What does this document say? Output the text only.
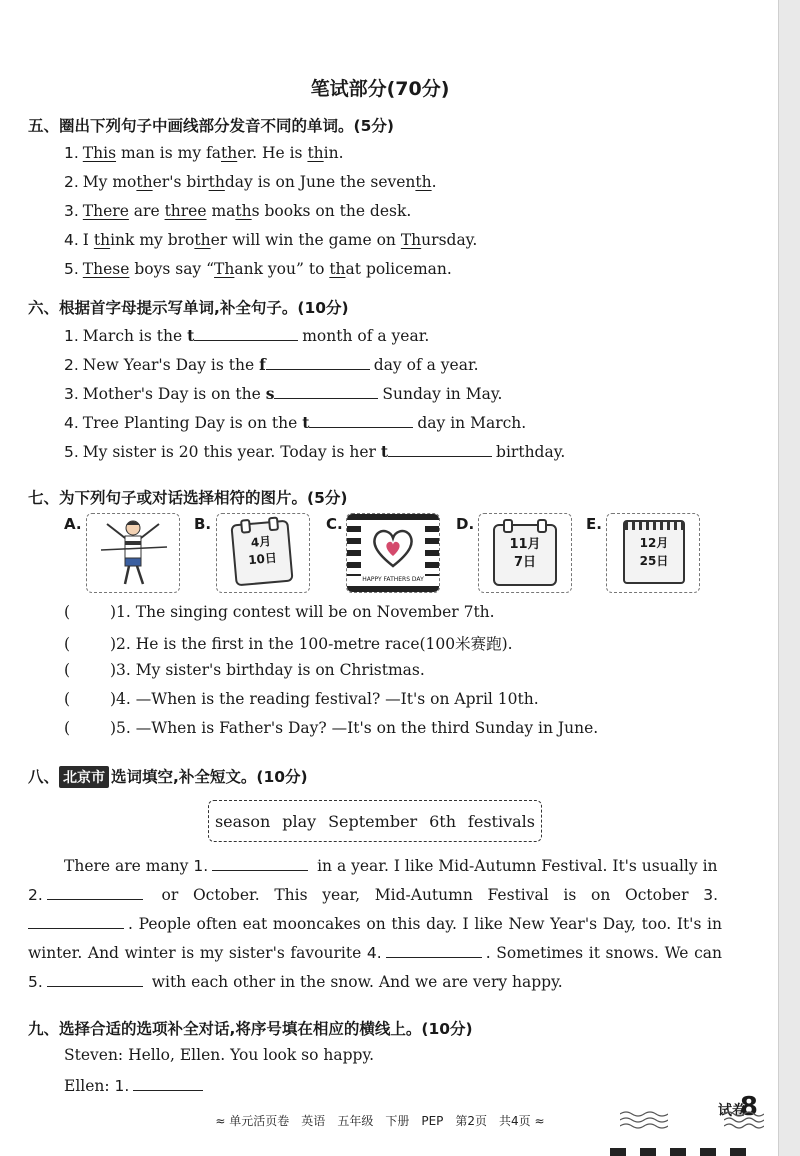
笔试部分(70分)
五、圈出下列句子中画线部分发音不同的单词。(5分)
1. This man is my father. He is thin.
2. My mother's birthday is on June the seventh.
3. There are three maths books on the desk.
4. I think my brother will win the game on Thursday.
5. These boys say “Thank you” to that policeman.
六、根据首字母提示写单词,补全句子。(10分)
1. March is the t	month of a year.
2. New Year's Day is the f	day of a year.
3. Mother's Day is on the s	Sunday in May.
4. Tree Planting Day is on the t	day in March.
5. My sister is 20 this year. Today is her t	birthday.
七、为下列句子或对话选择相符的图片。(5分)
A.	B.
4月
10日
C.
HAPPY FATHERS DAY
D.
11月
7日
E.
12月
25日
(	)1. The singing contest will be on November 7th.
(	)2. He is the first in the 100-metre race(100米赛跑).
(	)3. My sister's birthday is on Christmas.
(	)4. —When is the reading festival? —It's on April 10th.
(	)5. —When is Father's Day? —It's on the third Sunday in June.
八、 北京市 选词填空,补全短文。(10分)
season play September 6th festivals
There are many 1.	in a year. I like Mid-Autumn Festival. It's usually in
2.	or October. This year, Mid-Autumn Festival is on October 3.. People often eat mooncakes on this day. I like New Year's Day, too. It's in winter. And winter is my sister's favourite 4.	. Sometimes it snows. We can 5.	with each other in the snow. And we are very happy.
九、选择合适的选项补全对话,将序号填在相应的横线上。(10分)
Steven: Hello, Ellen. You look so happy.
Ellen: 1.
≈ 单元活页卷 英语 五年级 下册 PEP 第2页 共4页 ≈
试卷
8
